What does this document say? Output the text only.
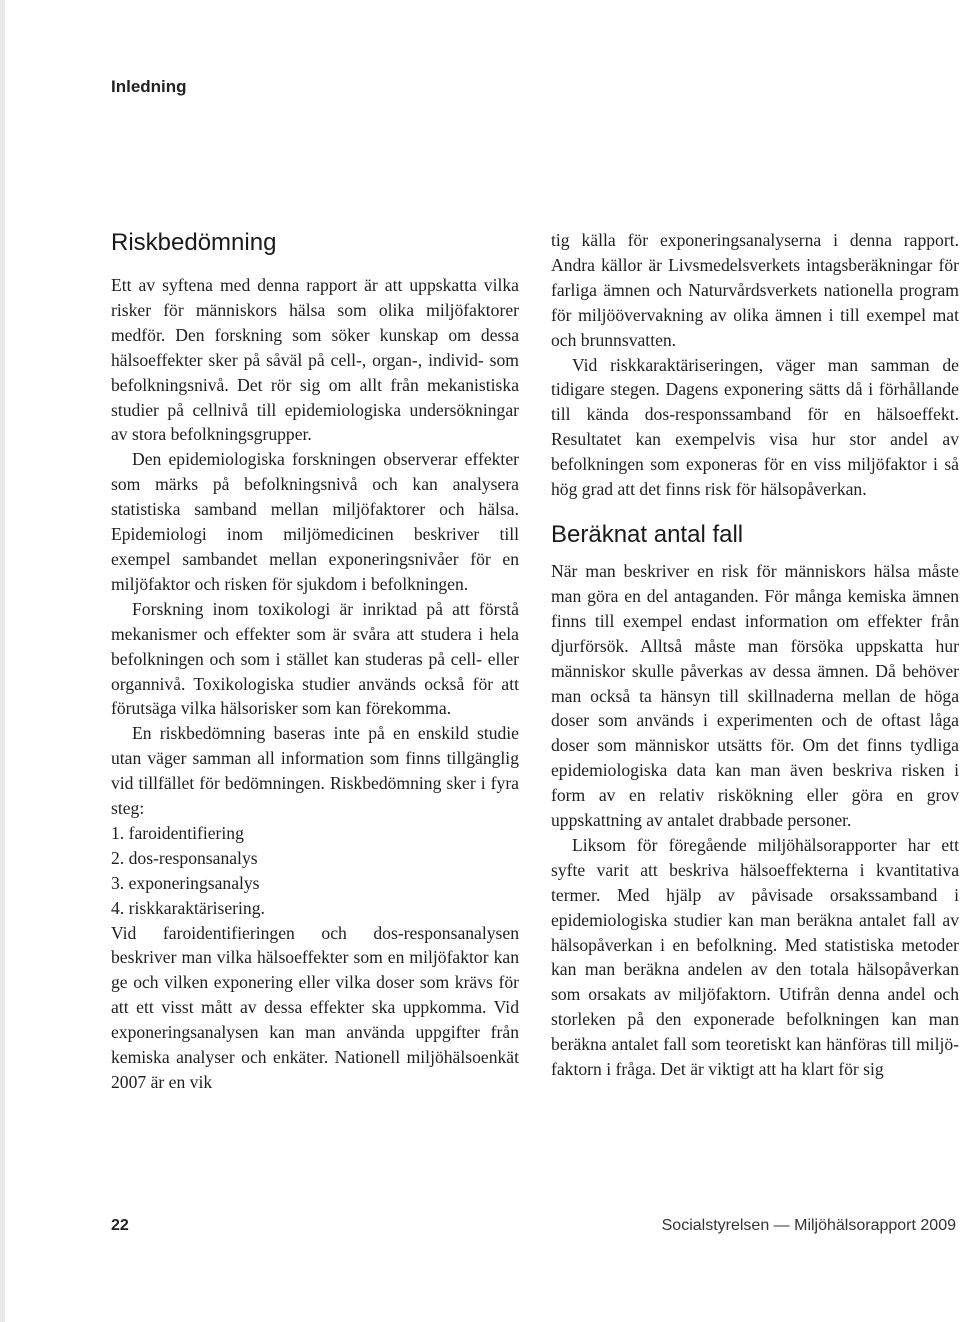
Inledning
Riskbedömning

Ett av syftena med denna rapport är att uppskatta vilka risker för människors hälsa som olika miljöfaktorer medför. Den forskning som söker kunskap om dessa hälsoeffekter sker på såväl på cell-, organ-, individ- som befolkningsnivå. Det rör sig om allt från mekanistiska studier på cellnivå till epidemiologiska undersökningar av stora befolkningsgrupper.

Den epidemiologiska forskningen observerar effekter som märks på befolkningsnivå och kan analysera statistiska samband mellan miljöfaktorer och hälsa. Epidemiologi inom miljömedicinen beskriver till exempel sambandet mellan exponeringsnivåer för en miljöfaktor och risken för sjukdom i befolkningen.

Forskning inom toxikologi är inriktad på att förstå mekanismer och effekter som är svåra att studera i hela befolkningen och som i stället kan studeras på cell- eller organnivå. Toxikologiska studier används också för att förutsäga vilka hälsorisker som kan förekomma.

En riskbedömning baseras inte på en enskild studie utan väger samman all information som finns tillgänglig vid tillfället för bedömningen. Riskbedömning sker i fyra steg:

1. faroidentifiering
2. dos-responsanalys
3. exponeringsanalys
4. riskkaraktärisering.

Vid faroidentifieringen och dos-responsanalysen beskriver man vilka hälsoeffekter som en miljöfaktor kan ge och vilken exponering eller vilka doser som krävs för att ett visst mått av dessa effekter ska uppkomma. Vid exponeringsanalysen kan man använda uppgifter från kemiska analyser och enkäter. Nationell miljöhälsoenkät 2007 är en vik

tig källa för exponeringsanalyserna i denna rapport. Andra källor är Livsmedelsverkets intagsberäkningar för farliga ämnen och Naturvårdsverkets nationella program för miljöövervakning av olika ämnen i till exempel mat och brunnsvatten.

Vid riskkaraktäriseringen, väger man samman de tidigare stegen. Dagens exponering sätts då i förhållande till kända dos-responssamband för en hälsoeffekt. Resultatet kan exempelvis visa hur stor andel av befolkningen som exponeras för en viss miljöfaktor i så hög grad att det finns risk för hälsopåverkan.

Beräknat antal fall

När man beskriver en risk för människors hälsa måste man göra en del antaganden. För många kemiska ämnen finns till exempel endast information om effekter från djurförsök. Alltså måste man försöka uppskatta hur människor skulle påverkas av dessa ämnen. Då behöver man också ta hänsyn till skillnaderna mellan de höga doser som används i experimenten och de oftast låga doser som människor utsätts för. Om det finns tydliga epidemiologiska data kan man även beskriva risken i form av en relativ riskökning eller göra en grov uppskattning av antalet drabbade personer.

Liksom för föregående miljöhälsorapporter har ett syfte varit att beskriva hälsoeffekterna i kvantitativa termer. Med hjälp av påvisade orsakssamband i epidemiologiska studier kan man beräkna antalet fall av hälsopåverkan i en befolkning. Med statistiska metoder kan man beräkna andelen av den totala hälsopåverkan som orsakats av miljöfaktorn. Utifrån denna andel och storleken på den exponerade befolkningen kan man beräkna antalet fall som teoretiskt kan hänföras till miljöfaktorn i fråga. Det är viktigt att ha klart för sig

22	Socialstyrelsen — Miljöhälsorapport 2009
